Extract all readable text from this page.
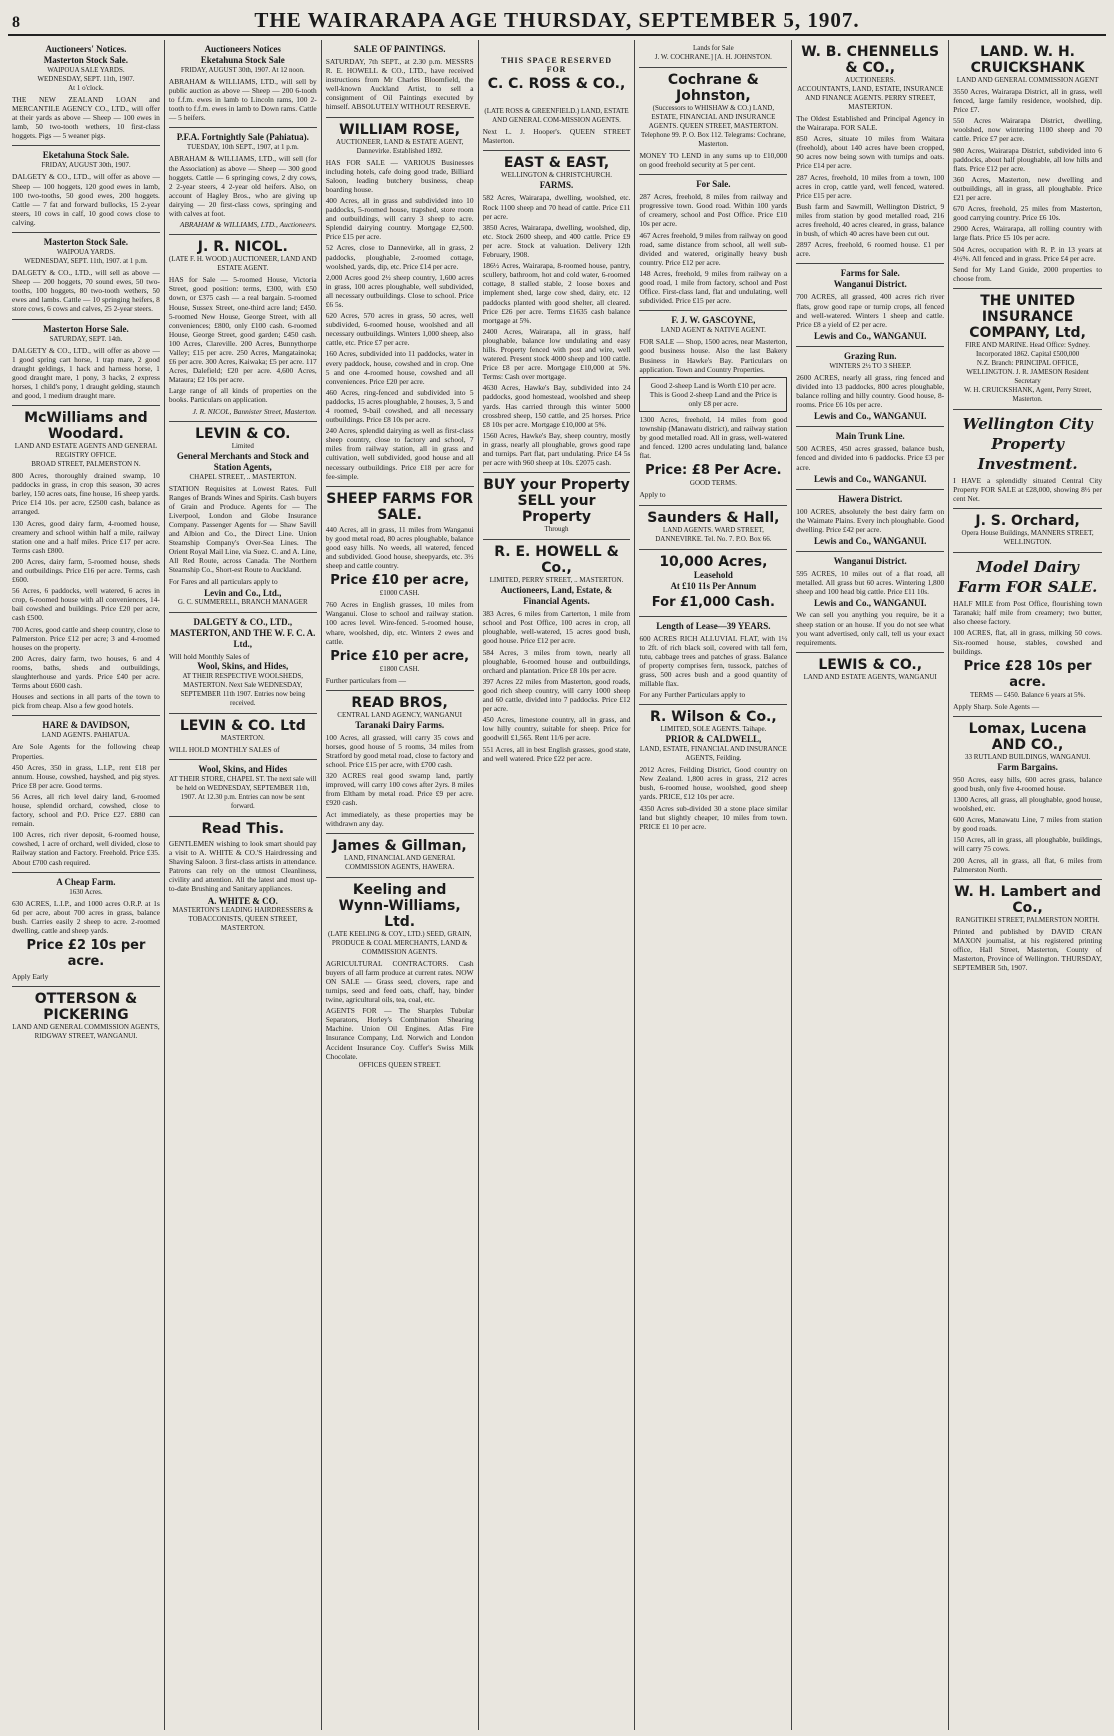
8	THE WAIRARAPA AGE THURSDAY, SEPTEMBER 5, 1907.
Auctioneers' Notices.
Masterton Stock Sale.
WAIPOUA SALE YARDS.
WEDNESDAY, SEPT. 11th, 1907.
At 1 o'clock.
THE NEW ZEALAND LOAN and MERCANTILE AGENCY CO., LTD., will offer at their yards as above — Sheep — 100 ewes in lamb, 50 two-tooth wethers, 10 first-class hoggets. Pigs — 5 weaner pigs.
Eketahuna Stock Sale.
FRIDAY, AUGUST 30th, 1907.
DALGETY & CO., LTD., will offer as above — Sheep — 100 hoggets, 120 good ewes in lamb, 100 two-tooths, 50 good ewes, 200 hoggets. Cattle — 7 fat and forward bullocks, 15 2-year steers, 10 cows in calf, 10 good cows close to calving.
Masterton Stock Sale.
WAIPOUA YARDS.
WEDNESDAY, SEPT. 11th, 1907. at 1 p.m.
DALGETY & CO., LTD., will sell as above — Sheep — 200 hoggets, 70 sound ewes, 50 two-tooths, 100 hoggets, 80 two-tooth wethers, 50 ewes and lambs. Cattle — 10 springing heifers, 8 store cows, 6 cows and calves, 25 2-year steers.
Masterton Horse Sale.
SATURDAY, SEPT. 14th.
DALGETY & CO., LTD., will offer as above — 1 good spring cart horse, 1 trap mare, 2 good draught geldings, 1 hack and harness horse, 1 good draught mare, 1 pony, 3 hacks, 2 express horses, 1 child's pony, 1 draught gelding, staunch and good, 1 medium draught mare.
McWilliams and Woodard.
LAND AND ESTATE AGENTS AND GENERAL REGISTRY OFFICE.
BROAD STREET, PALMERSTON N.
800 Acres, thoroughly drained swamp, 10 paddocks in grass, in crop this season, 30 acres barley, 150 acres oats, fine house, 16 sheep yards. Price £14 10s. per acre, £2500 cash, balance as arranged.
130 Acres, good dairy farm, 4-roomed house, creamery and school within half a mile, railway station one and a half miles. Price £17 per acre. Terms cash £800.
200 Acres, dairy farm, 5-roomed house, sheds and outbuildings. Price £16 per acre. Terms, cash £600.
56 Acres, 6 paddocks, well watered, 6 acres in crop, 6-roomed house with all conveniences, 14-bail cowshed and buildings. Price £20 per acre, cash £500.
700 Acres, good cattle and sheep country, close to Palmerston. Price £12 per acre; 3 and 4-roomed houses on the property.
200 Acres, dairy farm, two houses, 6 and 4 rooms, baths, sheds and outbuildings, slaughterhouse and yards. Price £40 per acre. Terms about £600 cash.
Houses and sections in all parts of the town to pick from cheap. Also a few good hotels.
HARE & DAVIDSON,
LAND AGENTS. PAHIATUA.
Are Sole Agents for the following cheap Properties.
450 Acres, 350 in grass, L.I.P., rent £18 per annum. House, cowshed, hayshed, and pig styes. Price £8 per acre. Good terms.
56 Acres, all rich level dairy land, 6-roomed house, splendid orchard, cowshed, close to factory, school and P.O. Price £27. £880 can remain.
100 Acres, rich river deposit, 6-roomed house, cowshed, 1 acre of orchard, well divided, close to Railway station and Factory. Freehold. Price £35. About £700 cash required.
A Cheap Farm.
1630 Acres.
630 ACRES, L.I.P., and 1000 acres O.R.P. at 1s 6d per acre, about 700 acres in grass, balance bush. Carries easily 2 sheep to acre. 2-roomed dwelling, cattle and sheep yards.
Price £2 10s per acre.
Apply Early
OTTERSON & PICKERING
LAND AND GENERAL COMMISSION AGENTS, RIDGWAY STREET, WANGANUI.
Auctioneers Notices
Eketahuna Stock Sale
FRIDAY, AUGUST 30th, 1907. At 12 noon.
ABRAHAM & WILLIAMS, LTD., will sell by public auction as above — Sheep — 200 6-tooth to f.f.m. ewes in lamb to Lincoln rams, 100 2-tooth to f.f.m. ewes in lamb to Down rams. Cattle — 5 heifers.
P.F.A. Fortnightly Sale (Pahiatua).
TUESDAY, 10th SEPT., 1907, at 1 p.m.
ABRAHAM & WILLIAMS, LTD., will sell (for the Association) as above — Sheep — 300 good hoggets. Cattle — 6 springing cows, 2 dry cows, 2 2-year steers, 4 2-year old heifers. Also, on account of Hagley Bros., who are giving up dairying — 20 first-class cows, springing and with calves at foot.
ABRAHAM & WILLIAMS, LTD., Auctioneers.
J. R. NICOL.
(LATE F. H. WOOD.) AUCTIONEER, LAND AND ESTATE AGENT.
HAS for Sale — 5-roomed House, Victoria Street, good position: terms, £300, with £50 down, or £375 cash — a real bargain. 5-roomed House, Sussex Street, one-third acre land; £450. 5-roomed New House, George Street, with all conveniences; £800, only £100 cash. 6-roomed House, George Street, good garden; £450 cash. 100 Acres, Clareville. 200 Acres, Bunnythorpe Valley; £15 per acre. 250 Acres, Mangatainoka; £6 per acre. 300 Acres, Kaiwaka; £5 per acre. 117 Acres, Dalefield; £20 per acre. 4,600 Acres, Mataura; £2 10s per acre.
Large range of all kinds of properties on the books. Particulars on application.
J. R. NICOL, Bannister Street, Masterton.
LEVIN & CO.
Limited
General Merchants and Stock and Station Agents,
CHAPEL STREET, .. MASTERTON.
STATION Requisites at Lowest Rates. Full Ranges of Brands Wines and Spirits. Cash buyers of Grain and Produce. Agents for — The Liverpool, London and Globe Insurance Company. Passenger Agents for — Shaw Savill and Albion and Co., the Direct Line. Union Steamship Company's Over-Sea Lines. The Orient Royal Mail Line, via Suez. C. and A. Line, All Red Route, across Canada. The Northern Steamship Co., Short-est Route to Auckland.
For Fares and all particulars apply to
Levin and Co., Ltd.,
G. C. SUMMERELL, BRANCH MANAGER
DALGETY & CO., LTD., MASTERTON, AND THE W. F. C. A. Ltd.,
Will hold Monthly Sales of
Wool, Skins, and Hides,
AT THEIR RESPECTIVE WOOLSHEDS, MASTERTON. Next Sale WEDNESDAY, SEPTEMBER 11th 1907. Entries now being received.
LEVIN & CO. Ltd
MASTERTON.
WILL HOLD MONTHLY SALES of
Wool, Skins, and Hides
AT THEIR STORE, CHAPEL ST. The next sale will be held on WEDNESDAY, SEPTEMBER 11th, 1907. At 12.30 p.m. Entries can now be sent forward.
Read This.
GENTLEMEN wishing to look smart should pay a visit to A. WHITE & CO.'S Hairdressing and Shaving Saloon. 3 first-class artists in attendance. Patrons can rely on the utmost Cleanliness, civility and attention. All the latest and most up-to-date Brushing and Sanitary appliances.
A. WHITE & CO.
MASTERTON'S LEADING HAIRDRESSERS & TOBACCONISTS, QUEEN STREET, MASTERTON.
SALE OF PAINTINGS.
SATURDAY, 7th SEPT., at 2.30 p.m. MESSRS R. E. HOWELL & CO., LTD., have received instructions from Mr Charles Bloomfield, the well-known Auckland Artist, to sell a consignment of Oil Paintings executed by himself. ABSOLUTELY WITHOUT RESERVE.
WILLIAM ROSE,
AUCTIONEER, LAND & ESTATE AGENT, Dannevirke. Established 1892.
HAS FOR SALE — VARIOUS Businesses including hotels, cafe doing good trade, Billiard Saloon, leading butchery business, cheap boarding house.
400 Acres, all in grass and subdivided into 10 paddocks, 5-roomed house, trapshed, store room and outbuildings, will carry 3 sheep to acre. Splendid dairying country. Mortgage £2,500. Price £15 per acre.
52 Acres, close to Dannevirke, all in grass, 2 paddocks, ploughable, 2-roomed cottage, woolshed, yards, dip, etc. Price £14 per acre.
2,000 Acres good 2½ sheep country, 1,600 acres in grass, 100 acres ploughable, well subdivided, all necessary outbuildings. Close to school. Price £6 5s.
620 Acres, 570 acres in grass, 50 acres, well subdivided, 6-roomed house, woolshed and all necessary outbuildings. Winters 1,000 sheep, also cattle, etc. Price £7 per acre.
160 Acres, subdivided into 11 paddocks, water in every paddock, house, cowshed and in crop. One 5 and one 4-roomed house, cowshed and all conveniences. Price £20 per acre.
460 Acres, ring-fenced and subdivided into 5 paddocks, 15 acres ploughable, 2 houses, 3, 5 and 4 roomed, 9-bail cowshed, and all necessary outbuildings. Price £8 10s per acre.
240 Acres, splendid dairying as well as first-class sheep country, close to factory and school, 7 miles from railway station, all in grass and cultivation, well subdivided, good house and all necessary outbuildings. Price £18 per acre for fee-simple.
SHEEP FARMS FOR SALE.
440 Acres, all in grass, 11 miles from Wanganui by good metal road, 80 acres ploughable, balance good easy hills. No weeds, all watered, fenced and subdivided. Good house, sheepyards, etc. 3½ sheep and cattle country.
Price £10 per acre,
£1000 CASH.
760 Acres in English grasses, 10 miles from Wanganui. Close to school and railway station. 100 acres level. Wire-fenced. 5-roomed house, whare, woolshed, dip, etc. Winters 2 ewes and cattle.
Price £10 per acre,
£1800 CASH.
Further particulars from —
READ BROS,
CENTRAL LAND AGENCY, WANGANUI
Taranaki Dairy Farms.
100 Acres, all grassed, will carry 35 cows and horses, good house of 5 rooms, 34 miles from Stratford by good metal road, close to factory and school. Price £15 per acre, with £700 cash.
320 ACRES real good swamp land, partly improved, will carry 100 cows after 2yrs. 8 miles from Eltham by metal road. Price £9 per acre. £920 cash.
Act immediately, as these properties may be withdrawn any day.
James & Gillman,
LAND, FINANCIAL AND GENERAL COMMISSION AGENTS, HAWERA.
Keeling and Wynn-Williams, Ltd.
(LATE KEELING & COY., LTD.) SEED, GRAIN, PRODUCE & COAL MERCHANTS, LAND & COMMISSION AGENTS.
AGRICULTURAL CONTRACTORS. Cash buyers of all farm produce at current rates. NOW ON SALE — Grass seed, clovers, rape and turnips, seed and feed oats, chaff, hay, binder twine, agricultural oils, tea, coal, etc.
AGENTS FOR — The Sharples Tubular Separators, Horley's Combination Shearing Machine. Union Oil Engines. Atlas Fire Insurance Company, Ltd. Norwich and London Accident Insurance Coy. Cuffer's Swiss Milk Chocolate.
OFFICES QUEEN STREET.
THIS SPACE RESERVED
FOR
C. C. ROSS & CO.,
(LATE ROSS & GREENFIELD.) LAND, ESTATE AND GENERAL COM-MISSION AGENTS.
Next L. J. Hooper's. QUEEN STREET Masterton.
EAST & EAST,
WELLINGTON & CHRISTCHURCH.
FARMS.
582 Acres, Wairarapa, dwelling, woolshed, etc. Rock 1100 sheep and 70 head of cattle. Price £11 per acre.
3850 Acres, Wairarapa, dwelling, woolshed, dip, etc. Stock 2600 sheep, and 400 cattle. Price £9 per acre. Stock at valuation. Delivery 12th February, 1908.
186½ Acres, Wairarapa, 8-roomed house, pantry, scullery, bathroom, hot and cold water, 6-roomed cottage, 8 stalled stable, 2 loose boxes and implement shed, large cow shed, dairy, etc. 12 paddocks planted with good shelter, all cleared. Price £26 per acre. Terms £1635 cash balance mortgage at 5%.
2400 Acres, Wairarapa, all in grass, half ploughable, balance low undulating and easy hills. Property fenced with post and wire, well watered. Present stock 4000 sheep and 100 cattle. Price £8 per acre. Mortgage £10,000 at 5%. Terms: Cash over mortgage.
4630 Acres, Hawke's Bay, subdivided into 24 paddocks, good homestead, woolshed and sheep yards. Has carried through this winter 5000 crossbred sheep, 150 cattle, and 25 horses. Price £8 10s per acre. Mortgage £10,000 at 5%.
1560 Acres, Hawke's Bay, sheep country, mostly in grass, nearly all ploughable, grows good rape and turnips. Part flat, part undulating. Price £4 5s per acre with 960 sheep at 10s. £2075 cash.
BUY your Property SELL your Property
Through
R. E. HOWELL & Co.,
LIMITED, PERRY STREET, .. MASTERTON.
Auctioneers, Land, Estate, & Financial Agents.
383 Acres, 6 miles from Carterton, 1 mile from school and Post Office, 100 acres in crop, all ploughable, well-watered, 15 acres good bush, good house. Price £12 per acre.
584 Acres, 3 miles from town, nearly all ploughable, 6-roomed house and outbuildings, orchard and plantation. Price £8 10s per acre.
397 Acres 22 miles from Masterton, good roads, good rich sheep country, will carry 1000 sheep and 60 cattle, divided into 7 paddocks. Price £12 per acre.
450 Acres, limestone country, all in grass, and low hilly country, suitable for sheep. Price for goodwill £1,565. Rent 11/6 per acre.
551 Acres, all in best English grasses, good state, and well watered. Price £22 per acre.
Lands for Sale
J. W. COCHRANE.] [A. H. JOHNSTON.
Cochrane & Johnston,
(Successors to WHISHAW & CO.) LAND, ESTATE, FINANCIAL AND INSURANCE AGENTS. QUEEN STREET, MASTERTON. Telephone 99. P. O. Box 112. Telegrams: Cochrane, Masterton.
MONEY TO LEND in any sums up to £10,000 on good freehold security at 5 per cent.
For Sale.
287 Acres, freehold, 8 miles from railway and progressive town. Good road. Within 100 yards of creamery, school and Post Office. Price £10 10s per acre.
467 Acres freehold, 9 miles from railway on good road, same distance from school, all well sub-divided and watered, originally heavy bush country. Price £12 per acre.
148 Acres, freehold, 9 miles from railway on a good road, 1 mile from factory, school and Post Office. First-class land, flat and undulating, well subdivided. Price £15 per acre.
F. J. W. GASCOYNE,
LAND AGENT & NATIVE AGENT.
FOR SALE — Shop, 1500 acres, near Masterton, good business house. Also the last Bakery Business in Hawke's Bay. Particulars on application. Town and Country Properties.
Good 2-sheep Land is Worth £10 per acre. This is Good 2-sheep Land and the Price is only £8 per acre.
1300 Acres, freehold, 14 miles from good township (Manawatu district), and railway station by good metalled road. All in grass, well-watered and fenced. 1200 acres undulating land, balance flat.
Price: £8 Per Acre.
GOOD TERMS.
Apply to
Saunders & Hall,
LAND AGENTS. WARD STREET, DANNEVIRKE. Tel. No. 7. P.O. Box 66.
10,000 Acres,
Leasehold
At £10 11s Per Annum
For £1,000 Cash.
Length of Lease—39 YEARS.
600 ACRES RICH ALLUVIAL FLAT, with 1¼ to 2ft. of rich black soil, covered with tall fern, tutu, cabbage trees and patches of grass. Balance of property comprises fern, tussock, patches of grass, 500 acres bush and a good quantity of millable flax.
For any Further Particulars apply to
R. Wilson & Co.,
LIMITED, SOLE AGENTS. Taihape.
PRIOR & CALDWELL,
LAND, ESTATE, FINANCIAL AND INSURANCE AGENTS, Feilding.
2012 Acres, Feilding District, Good country on New Zealand. 1,800 acres in grass, 212 acres bush, 6-roomed house, woolshed, good sheep yards. PRICE, £12 10s per acre.
4350 Acres sub-divided 30 a stone place similar land but slightly cheaper, 10 miles from town. PRICE £1 10 per acre.
W. B. CHENNELLS & CO.,
AUCTIONEERS.
ACCOUNTANTS, LAND, ESTATE, INSURANCE AND FINANCE AGENTS. PERRY STREET, MASTERTON.
The Oldest Established and Principal Agency in the Wairarapa. FOR SALE.
850 Acres, situate 10 miles from Waitara (freehold), about 140 acres have been cropped, 90 acres now being sown with turnips and oats. Price £14 per acre.
287 Acres, freehold, 10 miles from a town, 100 acres in crop, cattle yard, well fenced, watered. Price £15 per acre.
Bush farm and Sawmill, Wellington District, 9 miles from station by good metalled road, 216 acres freehold, 40 acres cleared, in grass, balance in bush, of which 40 acres have been cut out.
2897 Acres, freehold, 6 roomed house. £1 per acre.
Farms for Sale.
Wanganui District.
700 ACRES, all grassed, 400 acres rich river flats, grow good rape or turnip crops, all fenced and well-watered. Winters 1 sheep and cattle. Price £8 a yield of £2 per acre.
Lewis and Co., WANGANUI.
Grazing Run.
WINTERS 2½ TO 3 SHEEP.
2600 ACRES, nearly all grass, ring fenced and divided into 13 paddocks, 800 acres ploughable, balance rolling and hilly country. Good house, 8-rooms. Price £6 10s per acre.
Lewis and Co., WANGANUI.
Main Trunk Line.
500 ACRES, 450 acres grassed, balance bush, fenced and divided into 6 paddocks. Price £3 per acre.
Lewis and Co., WANGANUI.
Hawera District.
100 ACRES, absolutely the best dairy farm on the Waimate Plains. Every inch ploughable. Good dwelling. Price £42 per acre.
Lewis and Co., WANGANUI.
Wanganui District.
595 ACRES, 10 miles out of a flat road, all metalled. All grass but 60 acres. Wintering 1,800 sheep and 100 head big cattle. Price £11 10s.
Lewis and Co., WANGANUI.
We can sell you anything you require, be it a sheep station or an house. If you do not see what you want advertised, only call, tell us your exact requirements.
LEWIS & CO.,
LAND AND ESTATE AGENTS, WANGANUI
LAND. W. H. CRUICKSHANK
LAND AND GENERAL COMMISSION AGENT
3550 Acres, Wairarapa District, all in grass, well fenced, large family residence, woolshed, dip. Price £7.
550 Acres Wairarapa District, dwelling, woolshed, now wintering 1100 sheep and 70 cattle. Price £7 per acre.
980 Acres, Wairarapa District, subdivided into 6 paddocks, about half ploughable, all low hills and flats. Price £12 per acre.
360 Acres, Masterton, new dwelling and outbuildings, all in grass, all ploughable. Price £21 per acre.
670 Acres, freehold, 25 miles from Masterton, good carrying country. Price £6 10s.
2900 Acres, Wairarapa, all rolling country with large flats. Price £5 10s per acre.
504 Acres, occupation with R. P. in 13 years at 4½%. All fenced and in grass. Price £4 per acre.
Send for My Land Guide, 2000 properties to choose from.
THE UNITED INSURANCE COMPANY, Ltd,
FIRE AND MARINE. Head Office: Sydney. Incorporated 1862. Capital £500,000
N.Z. Branch: PRINCIPAL OFFICE, WELLINGTON. J. R. JAMESON Resident Secretary
W. H. CRUICKSHANK, Agent, Perry Street, Masterton.
Wellington City Property Investment.
I HAVE a splendidly situated Central City Property FOR SALE at £28,000, showing 8½ per cent Net.
J. S. Orchard,
Opera House Buildings, MANNERS STREET, WELLINGTON.
Model Dairy Farm FOR SALE.
HALF MILE from Post Office, flourishing town Taranaki; half mile from creamery; two butter, also cheese factory.
100 ACRES, flat, all in grass, milking 50 cows. Six-roomed house, stables, cowshed and buildings.
Price £28 10s per acre.
TERMS — £450. Balance 6 years at 5%.
Apply Sharp. Sole Agents —
Lomax, Lucena AND CO.,
33 RUTLAND BUILDINGS, WANGANUI.
Farm Bargains.
950 Acres, easy hills, 600 acres grass, balance good bush, only five 4-roomed house.
1300 Acres, all grass, all ploughable, good house, woolshed, etc.
600 Acres, Manawatu Line, 7 miles from station by good roads.
150 Acres, all in grass, all ploughable, buildings, will carry 75 cows.
200 Acres, all in grass, all flat, 6 miles from Palmerston North.
W. H. Lambert and Co.,
RANGITIKEI STREET, PALMERSTON NORTH.
Printed and published by DAVID CRAN MAXON journalist, at his registered printing office, Hall Street, Masterton, County of Masterton, Province of Wellington. THURSDAY, SEPTEMBER 5th, 1907.
